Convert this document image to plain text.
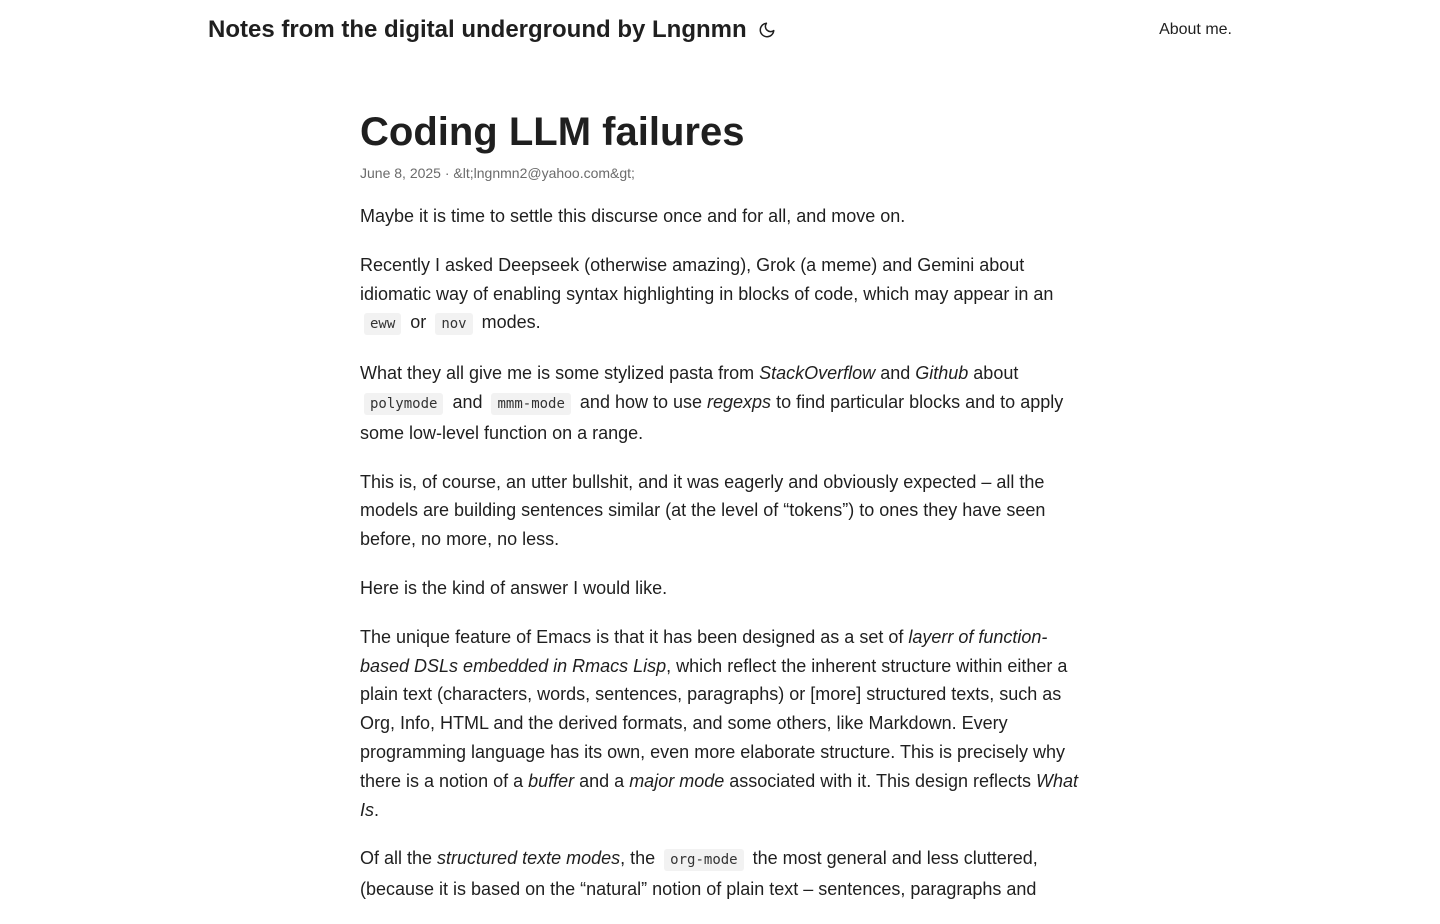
Notes from the digital underground by Lngnmn	About me.
Coding LLM failures
June 8, 2025 · &lt;lngnmn2@yahoo.com&gt;

Maybe it is time to settle this discurse once and for all, and move on.

Recently I asked Deepseek (otherwise amazing), Grok (a meme) and Gemini about idiomatic way of enabling syntax highlighting in blocks of code, which may appear in an
eww or nov modes.

What they all give me is some stylized pasta from StackOverflow and Github about
polymode and mmm-mode and how to use regexps to find particular blocks and to apply some low-level function on a range.

This is, of course, an utter bullshit, and it was eagerly and obviously expected – all the models are building sentences similar (at the level of “tokens”) to ones they have seen before, no more, no less.

Here is the kind of answer I would like.

The unique feature of Emacs is that it has been designed as a set of layerr of function-based DSLs embedded in Rmacs Lisp, which reflect the inherent structure within either a plain text (characters, words, sentences, paragraphs) or [more] structured texts, such as Org, Info, HTML and the derived formats, and some others, like Markdown. Every programming language has its own, even more elaborate structure. This is precisely why there is a notion of a buffer and a major mode associated with it. This design reflects What Is.

Of all the structured texte modes, the org-mode the most general and less cluttered, (because it is based on the “natural” notion of plain text – sentences, paragraphs and
